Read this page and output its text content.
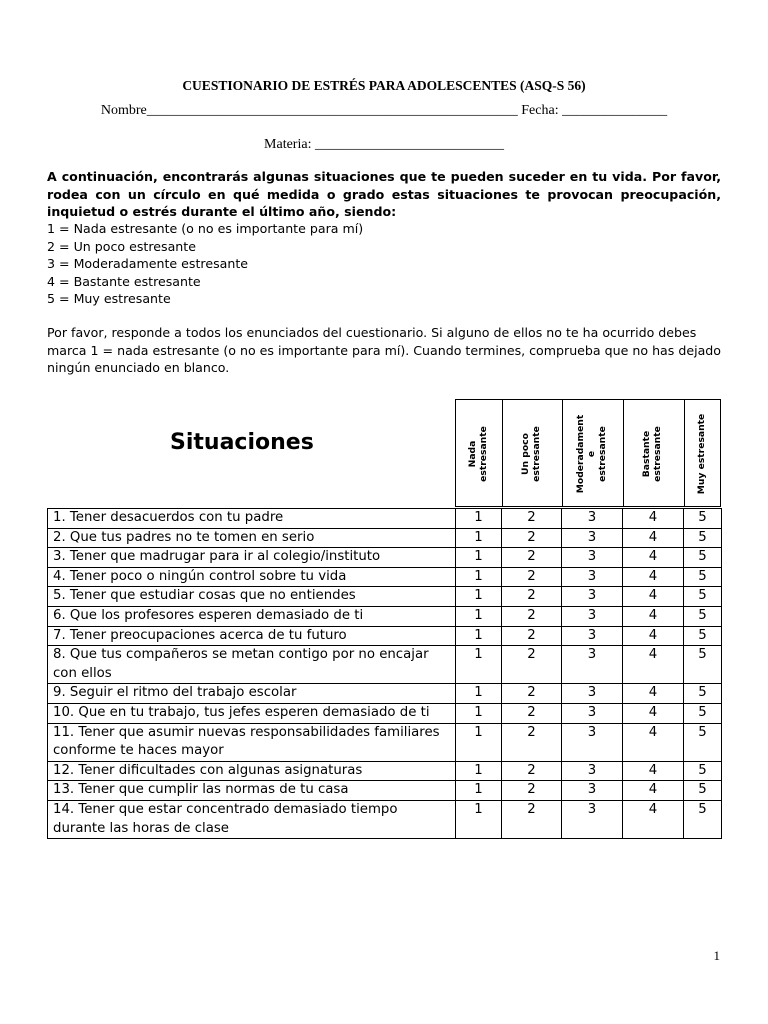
CUESTIONARIO DE ESTRÉS PARA ADOLESCENTES (ASQ-S 56)
Nombre_____________________________________________________ Fecha: _______________
Materia: ___________________________
A continuación, encontrarás algunas situaciones que te pueden suceder en tu vida. Por favor, rodea con un círculo en qué medida o grado estas situaciones te provocan preocupación, inquietud o estrés durante el último año, siendo:
1 = Nada estresante (o no es importante para mí)
2 = Un poco estresante
3 = Moderadamente estresante
4 = Bastante estresante
5 = Muy estresante
Por favor, responde a todos los enunciados del cuestionario. Si alguno de ellos no te ha ocurrido debes marca 1 = nada estresante (o no es importante para mí). Cuando termines, comprueba que no has dejado ningún enunciado en blanco.
Situaciones	Nada estresante	Un poco estresante	Moderadament e estresante	Bastante estresante	Muy estresante
1. Tener desacuerdos con tu padre	1	2	3	4	5
2. Que tus padres no te tomen en serio	1	2	3	4	5
3. Tener que madrugar para ir al colegio/instituto	1	2	3	4	5
4. Tener poco o ningún control sobre tu vida	1	2	3	4	5
5. Tener que estudiar cosas que no entiendes	1	2	3	4	5
6. Que los profesores esperen demasiado de ti	1	2	3	4	5
7. Tener preocupaciones acerca de tu futuro	1	2	3	4	5
8. Que tus compañeros se metan contigo por no encajar con ellos	1	2	3	4	5
9. Seguir el ritmo del trabajo escolar	1	2	3	4	5
10. Que en tu trabajo, tus jefes esperen demasiado de ti	1	2	3	4	5
11. Tener que asumir nuevas responsabilidades familiares conforme te haces mayor	1	2	3	4	5
12. Tener dificultades con algunas asignaturas	1	2	3	4	5
13. Tener que cumplir las normas de tu casa	1	2	3	4	5
14. Tener que estar concentrado demasiado tiempo durante las horas de clase	1	2	3	4	5
1
